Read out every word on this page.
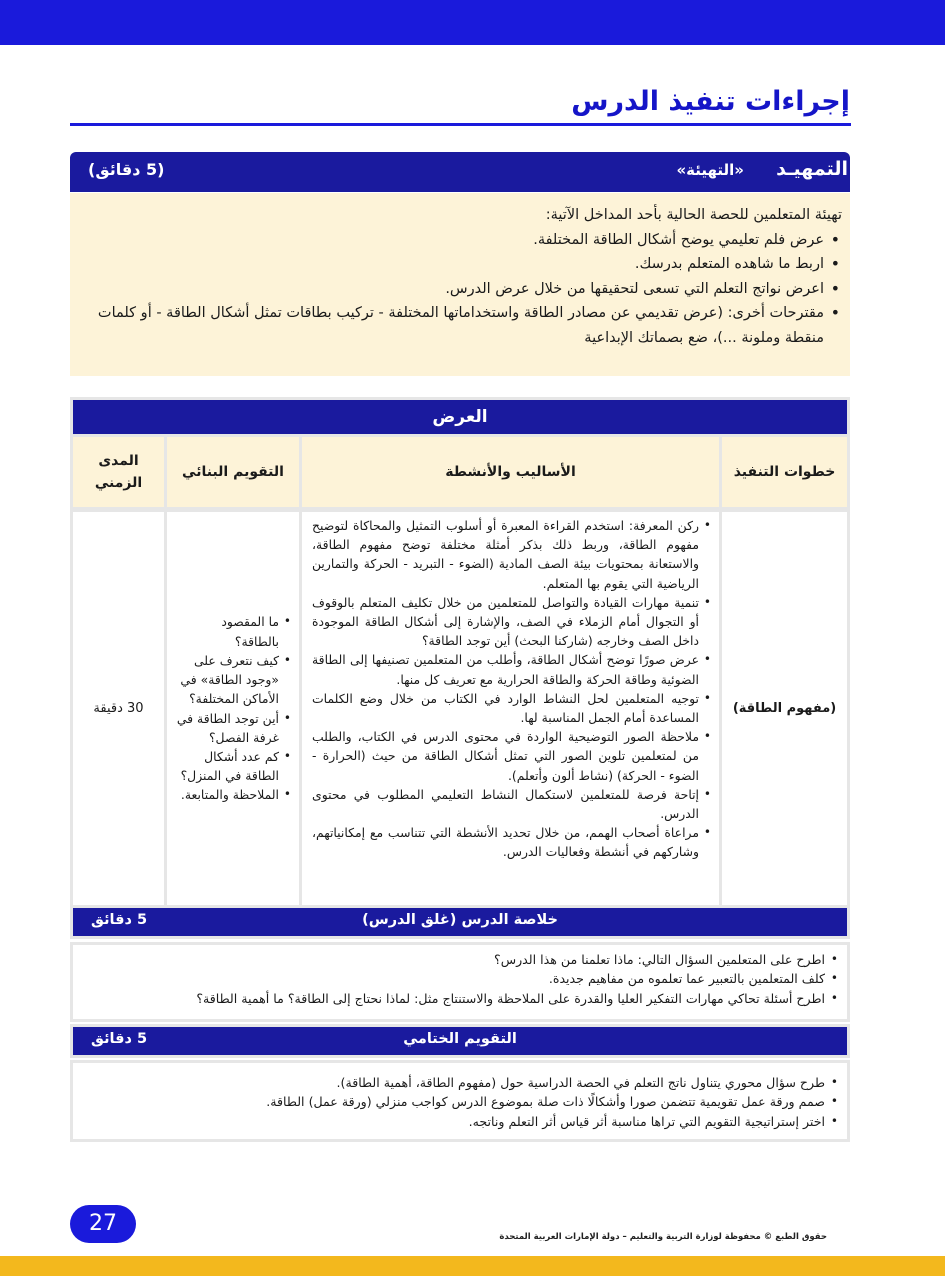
إجراءات تنفيذ الدرس
التمهيـد
«التهيئة»
(5 دقائق)
تهيئة المتعلمين للحصة الحالية بأحد المداخل الآتية:
• عرض فلم تعليمي يوضح أشكال الطاقة المختلفة.
• اربط ما شاهده المتعلم بدرسك.
• اعرض نواتج التعلم التي تسعى لتحقيقها من خلال عرض الدرس.
• مقترحات أخرى: (عرض تقديمي عن مصادر الطاقة واستخداماتها المختلفة - تركيب بطاقات تمثل أشكال الطاقة - أو كلمات منقطة وملونة ...)، ضع بصماتك الإبداعية
العرض
خطوات التنفيذ
الأساليب والأنشطة
التقويم البنائي
المدى الزمني
(مفهوم الطاقة)
• ركن المعرفة: استخدم القراءة المعبرة أو أسلوب التمثيل والمحاكاة لتوضيح مفهوم الطاقة، وربط ذلك بذكر أمثلة مختلفة توضح مفهوم الطاقة، والاستعانة بمحتويات بيئة الصف المادية (الضوء - التبريد - الحركة والتمارين الرياضية التي يقوم بها المتعلم.
• تنمية مهارات القيادة والتواصل للمتعلمين من خلال تكليف المتعلم بالوقوف أو التجوال أمام الزملاء في الصف، والإشارة إلى أشكال الطاقة الموجودة داخل الصف وخارجه (شاركنا البحث) أين توجد الطاقة؟
• عرض صورًا توضح أشكال الطاقة، وأطلب من المتعلمين تصنيفها إلى الطاقة الضوئية وطاقة الحركة والطاقة الحرارية مع تعريف كل منها.
• توجيه المتعلمين لحل النشاط الوارد في الكتاب من خلال وضع الكلمات المساعدة أمام الجمل المناسبة لها.
• ملاحظة الصور التوضيحية الواردة في محتوى الدرس في الكتاب، والطلب من لمتعلمين تلوين الصور التي تمثل أشكال الطاقة من حيث (الحرارة - الضوء - الحركة) (نشاط ألون وأتعلم).
• إتاحة فرصة للمتعلمين لاستكمال النشاط التعليمي المطلوب في محتوى الدرس.
• مراعاة أصحاب الهمم، من خلال تحديد الأنشطة التي تتناسب مع إمكانياتهم، وشاركهم في أنشطة وفعاليات الدرس.
• ما المقصود بالطاقة؟
• كيف نتعرف على «وجود الطاقة» في الأماكن المختلفة؟
• أين توجد الطاقة في غرفة الفصل؟
• كم عدد أشكال الطاقة في المنزل؟
• الملاحظة والمتابعة.
30 دقيقة
خلاصة الدرس (غلق الدرس)
5 دقائق
• اطرح على المتعلمين السؤال التالي: ماذا تعلمنا من هذا الدرس؟
• كلف المتعلمين بالتعبير عما تعلموه من مفاهيم جديدة.
• اطرح أسئلة تحاكي مهارات التفكير العليا والقدرة على الملاحظة والاستنتاج مثل: لماذا نحتاج إلى الطاقة؟ ما أهمية الطاقة؟
التقويم الختامي
5 دقائق
• طرح سؤال محوري يتناول ناتج التعلم في الحصة الدراسية حول (مفهوم الطاقة، أهمية الطاقة).
• صمم ورقة عمل تقويمية تتضمن صورا وأشكالًا ذات صلة بموضوع الدرس كواجب منزلي (ورقة عمل) الطاقة.
• اختر إستراتيجية التقويم التي تراها مناسبة أثر قياس أثر التعلم وناتجه.
27
حقوق الطبع © محفوظة لوزارة التربية والتعليم – دولة الإمارات العربية المتحدة
